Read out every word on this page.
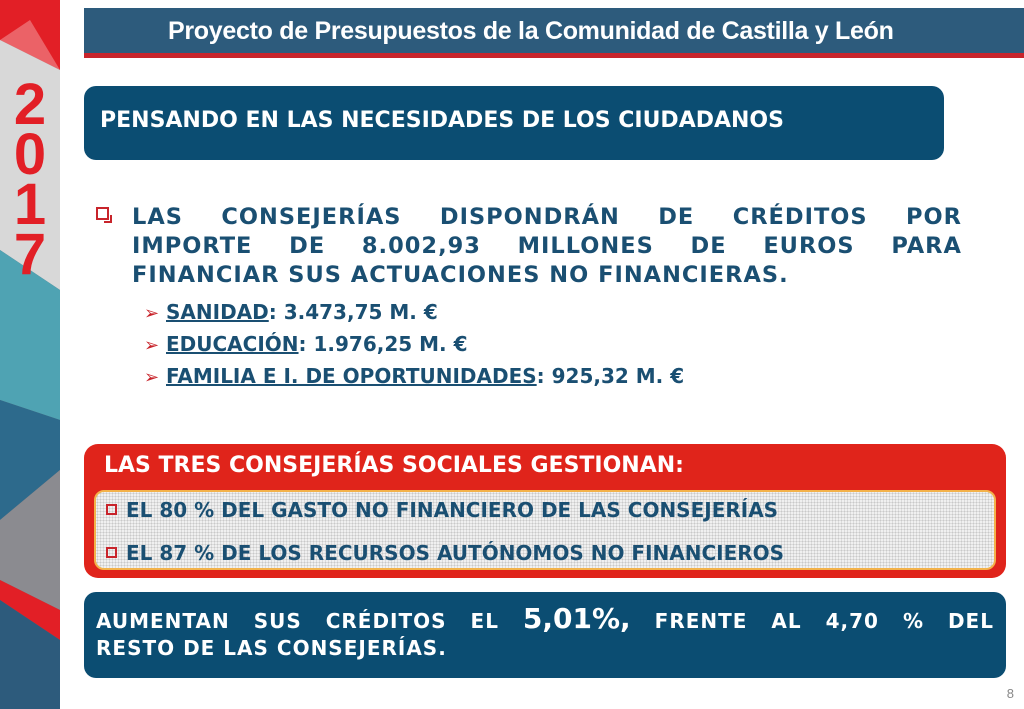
2017
Proyecto de Presupuestos de la Comunidad de Castilla y León
PENSANDO EN LAS NECESIDADES DE LOS CIUDADANOS
LAS CONSEJERÍAS DISPONDRÁN DE CRÉDITOS POR
IMPORTE DE 8.002,93 MILLONES DE EUROS PARA
FINANCIAR SUS ACTUACIONES NO FINANCIERAS.
➢ SANIDAD: 3.473,75 M. €
➢ EDUCACIÓN: 1.976,25 M. €
➢ FAMILIA E I. DE OPORTUNIDADES: 925,32 M. €
LAS TRES CONSEJERÍAS SOCIALES GESTIONAN:
EL 80 % DEL GASTO NO FINANCIERO DE LAS CONSEJERÍAS
EL 87 % DE LOS RECURSOS AUTÓNOMOS NO FINANCIEROS
AUMENTAN SUS CRÉDITOS EL 5,01%, FRENTE AL 4,70 % DEL
RESTO DE LAS CONSEJERÍAS.
8
